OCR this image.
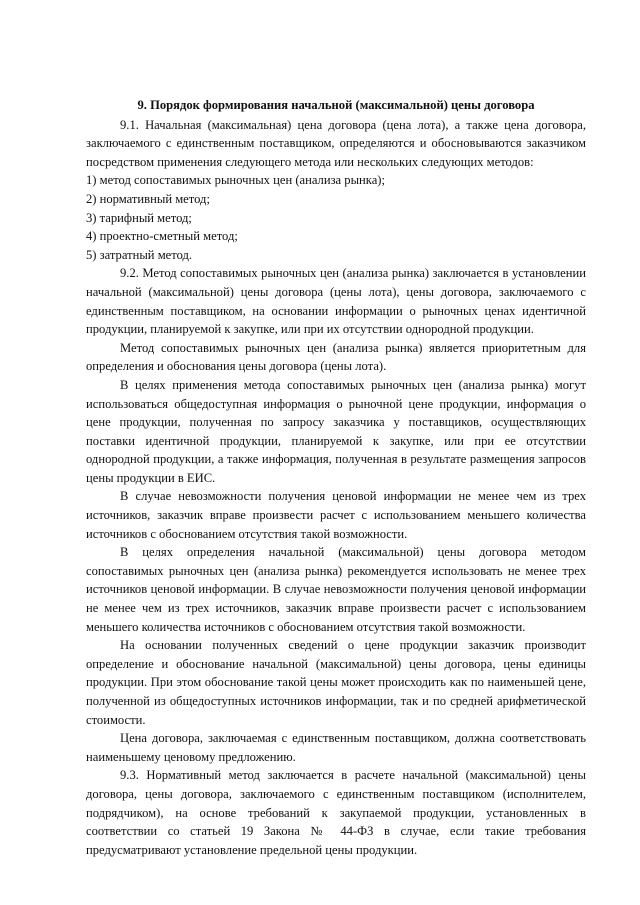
9. Порядок формирования начальной (максимальной) цены договора

9.1. Начальная (максимальная) цена договора (цена лота), а также цена договора, заключаемого с единственным поставщиком, определяются и обосновываются заказчиком посредством применения следующего метода или нескольких следующих методов:

1) метод сопоставимых рыночных цен (анализа рынка);

2) нормативный метод;

3) тарифный метод;

4) проектно-сметный метод;

5) затратный метод.

9.2. Метод сопоставимых рыночных цен (анализа рынка) заключается в установлении начальной (максимальной) цены договора (цены лота), цены договора, заключаемого с единственным поставщиком, на основании информации о рыночных ценах идентичной продукции, планируемой к закупке, или при их отсутствии однородной продукции.

Метод сопоставимых рыночных цен (анализа рынка) является приоритетным для определения и обоснования цены договора (цены лота).

В целях применения метода сопоставимых рыночных цен (анализа рынка) могут использоваться общедоступная информация о рыночной цене продукции, информация о цене продукции, полученная по запросу заказчика у поставщиков, осуществляющих поставки идентичной продукции, планируемой к закупке, или при ее отсутствии однородной продукции, а также информация, полученная в результате размещения запросов цены продукции в ЕИС.

В случае невозможности получения ценовой информации не менее чем из трех источников, заказчик вправе произвести расчет с использованием меньшего количества источников с обоснованием отсутствия такой возможности.

В целях определения начальной (максимальной) цены договора методом сопоставимых рыночных цен (анализа рынка) рекомендуется использовать не менее трех источников ценовой информации. В случае невозможности получения ценовой информации не менее чем из трех источников, заказчик вправе произвести расчет с использованием меньшего количества источников с обоснованием отсутствия такой возможности.

На основании полученных сведений о цене продукции заказчик производит определение и обоснование начальной (максимальной) цены договора, цены единицы продукции. При этом обоснование такой цены может происходить как по наименьшей цене, полученной из общедоступных источников информации, так и по средней арифметической стоимости.

Цена договора, заключаемая с единственным поставщиком, должна соответствовать наименьшему ценовому предложению.

9.3. Нормативный метод заключается в расчете начальной (максимальной) цены договора, цены договора, заключаемого с единственным поставщиком (исполнителем, подрядчиком), на основе требований к закупаемой продукции, установленных в соответствии со статьей 19 Закона № 44-ФЗ в случае, если такие требования предусматривают установление предельной цены продукции.
